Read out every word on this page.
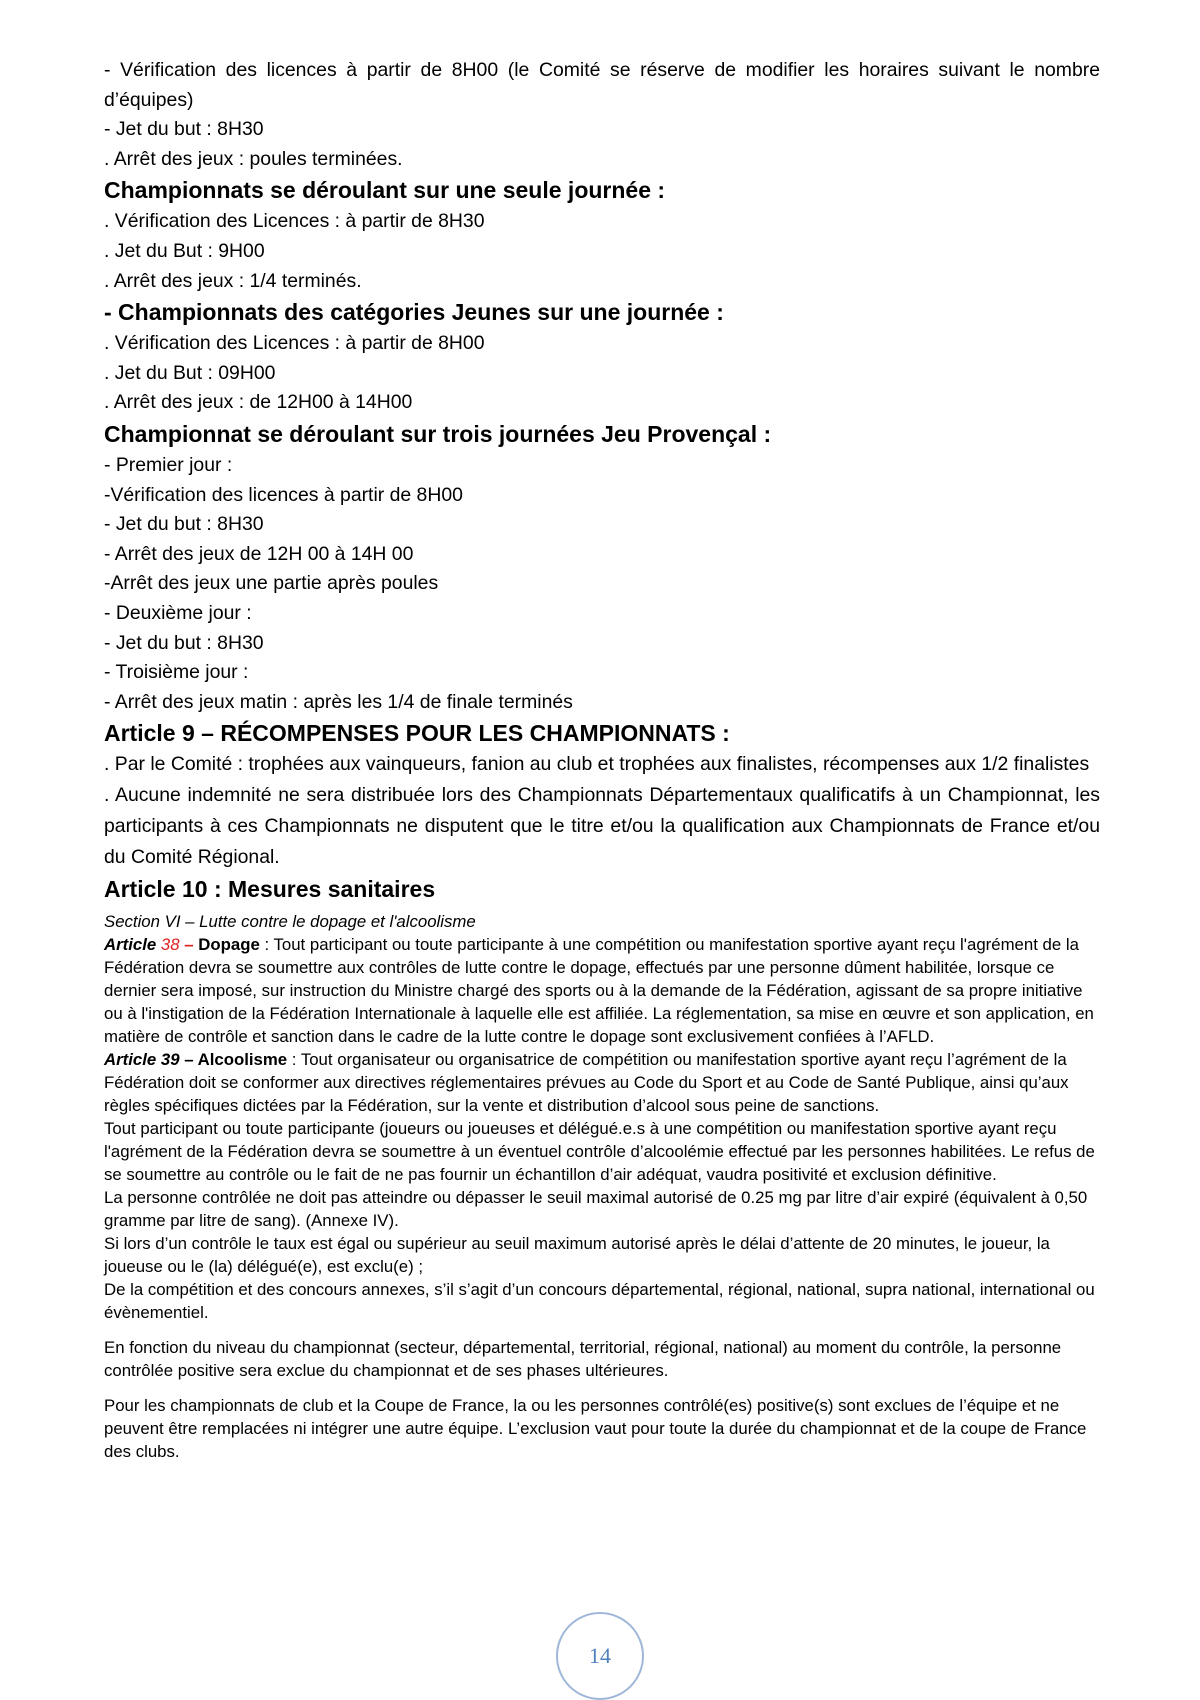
- Vérification des licences à partir de 8H00 (le Comité se réserve de modifier les horaires suivant le nombre d’équipes)

- Jet du but : 8H30

. Arrêt des jeux : poules terminées.

Championnats se déroulant sur une seule journée :

. Vérification des Licences : à partir de 8H30

. Jet du But : 9H00

. Arrêt des jeux : 1/4 terminés.

- Championnats des catégories Jeunes sur une journée :

. Vérification des Licences : à partir de 8H00

. Jet du But : 09H00

. Arrêt des jeux : de 12H00 à 14H00

Championnat se déroulant sur trois journées Jeu Provençal :

- Premier jour :

-Vérification des licences à partir de 8H00

- Jet du but : 8H30

- Arrêt des jeux de 12H 00 à 14H 00

-Arrêt des jeux une partie après poules

- Deuxième jour :

- Jet du but : 8H30

- Troisième jour :

- Arrêt des jeux matin : après les 1/4 de finale terminés

Article 9 – RÉCOMPENSES POUR LES CHAMPIONNATS :

. Par le Comité : trophées aux vainqueurs, fanion au club et trophées aux finalistes, récompenses aux 1/2 finalistes

. Aucune indemnité ne sera distribuée lors des Championnats Départementaux qualificatifs à un Championnat, les participants à ces Championnats ne disputent que le titre et/ou la qualification aux Championnats de France et/ou du Comité Régional.

Article 10 : Mesures sanitaires

Section VI – Lutte contre le dopage et l'alcoolisme

Article 38 – Dopage : Tout participant ou toute participante à une compétition ou manifestation sportive ayant reçu l'agrément de la Fédération devra se soumettre aux contrôles de lutte contre le dopage, effectués par une personne dûment habilitée, lorsque ce dernier sera imposé, sur instruction du Ministre chargé des sports ou à la demande de la Fédération, agissant de sa propre initiative ou à l'instigation de la Fédération Internationale à laquelle elle est affiliée. La réglementation, sa mise en œuvre et son application, en matière de contrôle et sanction dans le cadre de la lutte contre le dopage sont exclusivement confiées à l’AFLD.

Article 39 – Alcoolisme : Tout organisateur ou organisatrice de compétition ou manifestation sportive ayant reçu l’agrément de la Fédération doit se conformer aux directives réglementaires prévues au Code du Sport et au Code de Santé Publique, ainsi qu’aux règles spécifiques dictées par la Fédération, sur la vente et distribution d’alcool sous peine de sanctions.

Tout participant ou toute participante (joueurs ou joueuses et délégué.e.s à une compétition ou manifestation sportive ayant reçu l'agrément de la Fédération devra se soumettre à un éventuel contrôle d’alcoolémie effectué par les personnes habilitées. Le refus de se soumettre au contrôle ou le fait de ne pas fournir un échantillon d’air adéquat, vaudra positivité et exclusion définitive.

La personne contrôlée ne doit pas atteindre ou dépasser le seuil maximal autorisé de 0.25 mg par litre d’air expiré (équivalent à 0,50 gramme par litre de sang). (Annexe IV).

Si lors d’un contrôle le taux est égal ou supérieur au seuil maximum autorisé après le délai d’attente de 20 minutes, le joueur, la joueuse ou le (la) délégué(e), est exclu(e) ;

De la compétition et des concours annexes, s’il s’agit d’un concours départemental, régional, national, supra national, international ou évènementiel.

En fonction du niveau du championnat (secteur, départemental, territorial, régional, national) au moment du contrôle, la personne contrôlée positive sera exclue du championnat et de ses phases ultérieures.

Pour les championnats de club et la Coupe de France, la ou les personnes contrôlé(es) positive(s) sont exclues de l’équipe et ne peuvent être remplacées ni intégrer une autre équipe. L’exclusion vaut pour toute la durée du championnat et de la coupe de France des clubs.

14
